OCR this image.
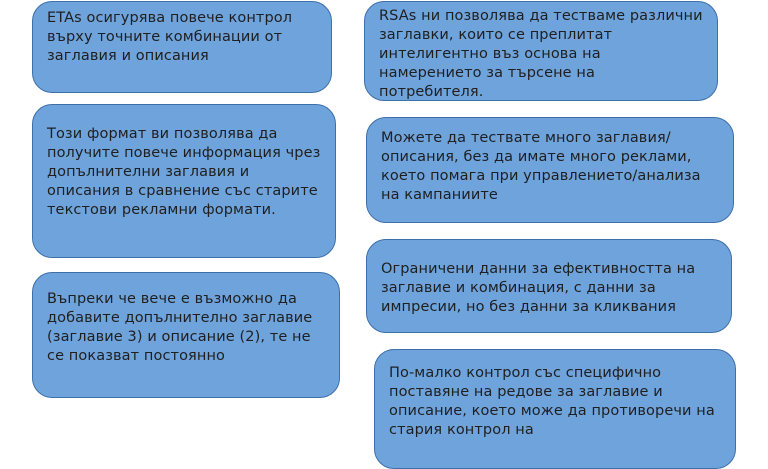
ETAs осигурява повече контрол върху точните комбинации от заглавия и описания
Този формат ви позволява да получите повече информация чрез допълнителни заглавия и описания в сравнение със старите текстови рекламни формати.
Въпреки че вече е възможно да добавите допълнително заглавие (заглавие 3) и описание (2), те не се показват постоянно
RSAs ни позволява да тестваме различни заглавки, които се преплитат интелигентно въз основа на намерението за търсене на потребителя.
Можете да тествате много заглавия/описания, без да имате много реклами, което помага при управлението/анализа на кампаниите
Ограничени данни за ефективността на заглавие и комбинация, с данни за импресии, но без данни за кликвания
По-малко контрол със специфично поставяне на редове за заглавие и описание, което може да противоречи на стария контрол на
